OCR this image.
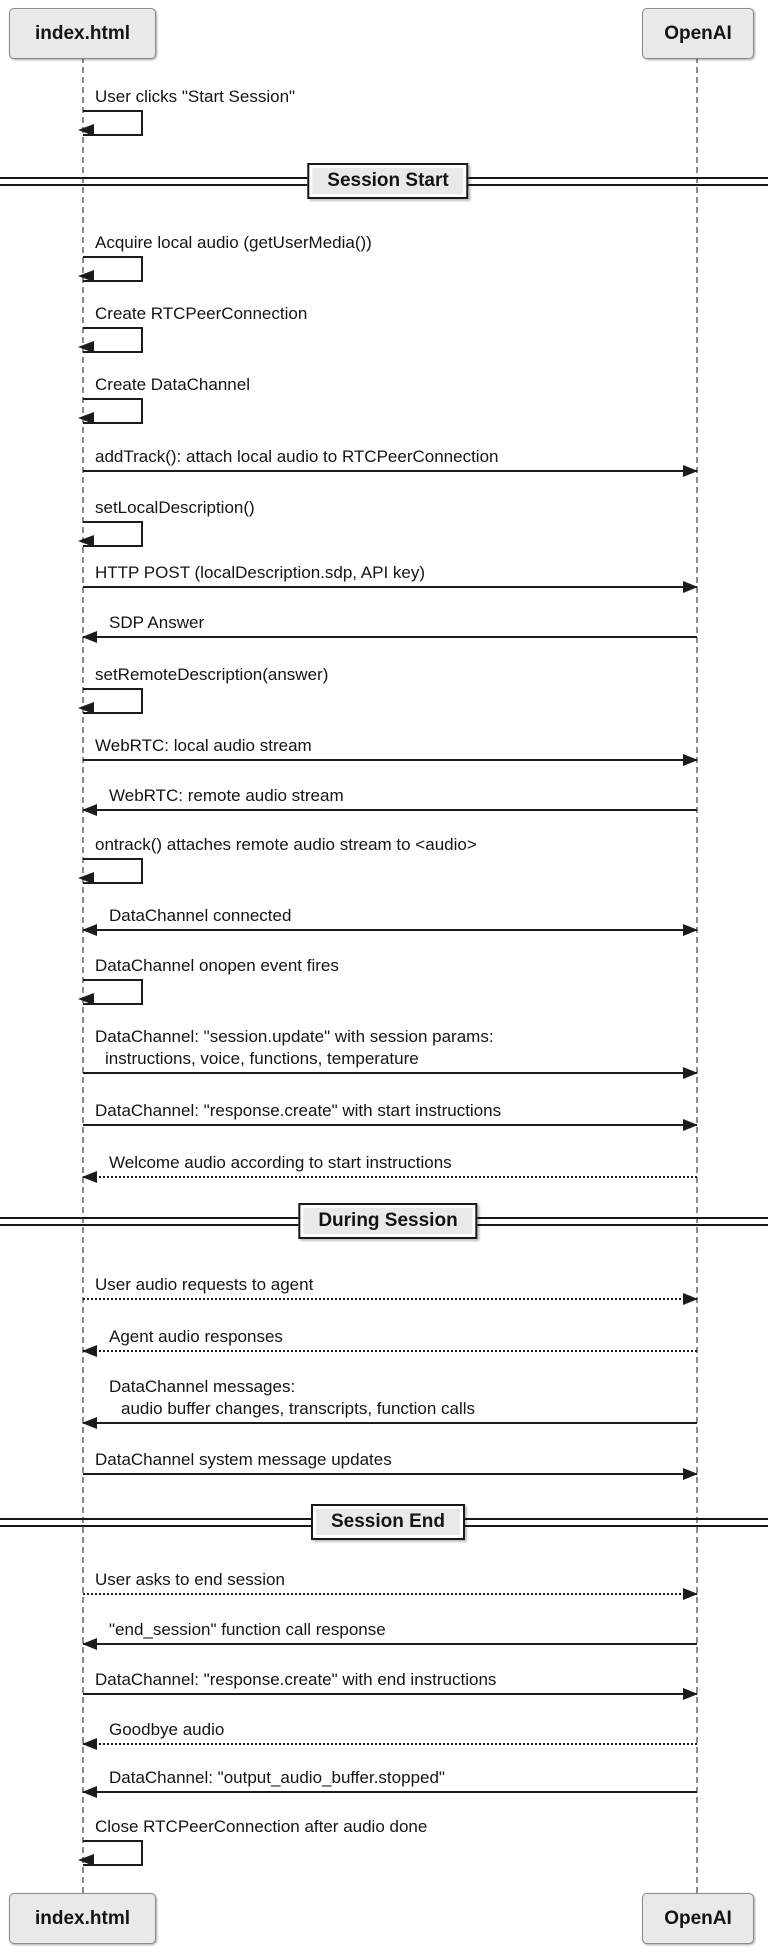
index.html	OpenAI
User clicks "Start Session"
Session Start
Acquire local audio (getUserMedia())
Create RTCPeerConnection
Create DataChannel
addTrack(): attach local audio to RTCPeerConnection
setLocalDescription()
HTTP POST (localDescription.sdp, API key)
SDP Answer
setRemoteDescription(answer)
WebRTC: local audio stream
WebRTC: remote audio stream
ontrack() attaches remote audio stream to <audio>
DataChannel connected
DataChannel onopen event fires
DataChannel: "session.update" with session params:
instructions, voice, functions, temperature
DataChannel: "response.create" with start instructions
Welcome audio according to start instructions
During Session
User audio requests to agent
Agent audio responses
DataChannel messages:
audio buffer changes, transcripts, function calls
DataChannel system message updates
Session End
User asks to end session
"end_session" function call response
DataChannel: "response.create" with end instructions
Goodbye audio
DataChannel: "output_audio_buffer.stopped"
Close RTCPeerConnection after audio done
index.html	OpenAI
